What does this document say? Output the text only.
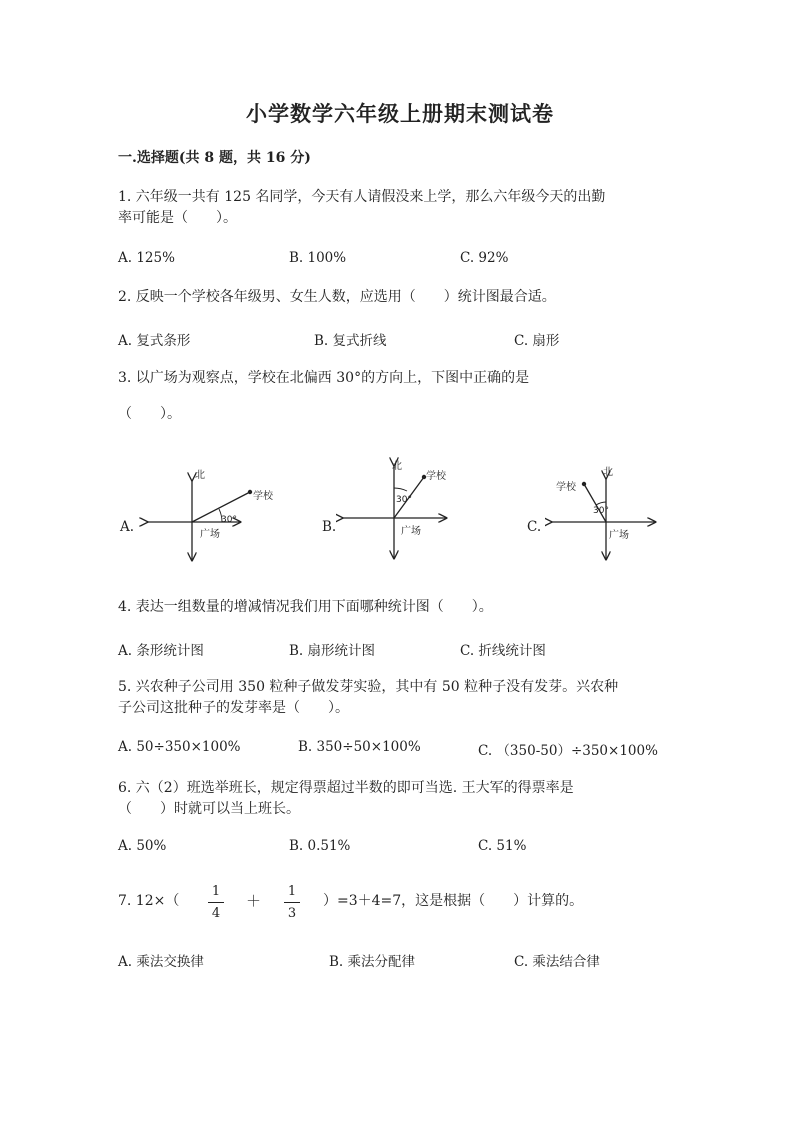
小学数学六年级上册期末测试卷
一.选择题(共 8 题，共 16 分)
1. 六年级一共有 125 名同学，今天有人请假没来上学，那么六年级今天的出勤
率可能是（　　）。
A. 125%	B. 100%	C. 92%
2. 反映一个学校各年级男、女生人数，应选用（　　）统计图最合适。
A. 复式条形	B. 复式折线	C. 扇形
3. 以广场为观察点，学校在北偏西 30°的方向上，下图中正确的是
（　　）。
A.	B.	C.
北
学校
30°
广场
北
学校
30°
广场
北
学校
30°
广场
4. 表达一组数量的增减情况我们用下面哪种统计图（　　）。
A. 条形统计图	B. 扇形统计图	C. 折线统计图
5. 兴农种子公司用 350 粒种子做发芽实验，其中有 50 粒种子没有发芽。兴农种
子公司这批种子的发芽率是（　　）。
A. 50÷350×100%	B. 350÷50×100%	C. （350-50）÷350×100%
6. 六（2）班选举班长，规定得票超过半数的即可当选. 王大军的得票率是
（　　）时就可以当上班长。
A. 50%	B. 0.51%	C. 51%
7. 12×（
1
4
＋
1
3
）=3＋4=7，这是根据（　　）计算的。
A. 乘法交换律	B. 乘法分配律	C. 乘法结合律
